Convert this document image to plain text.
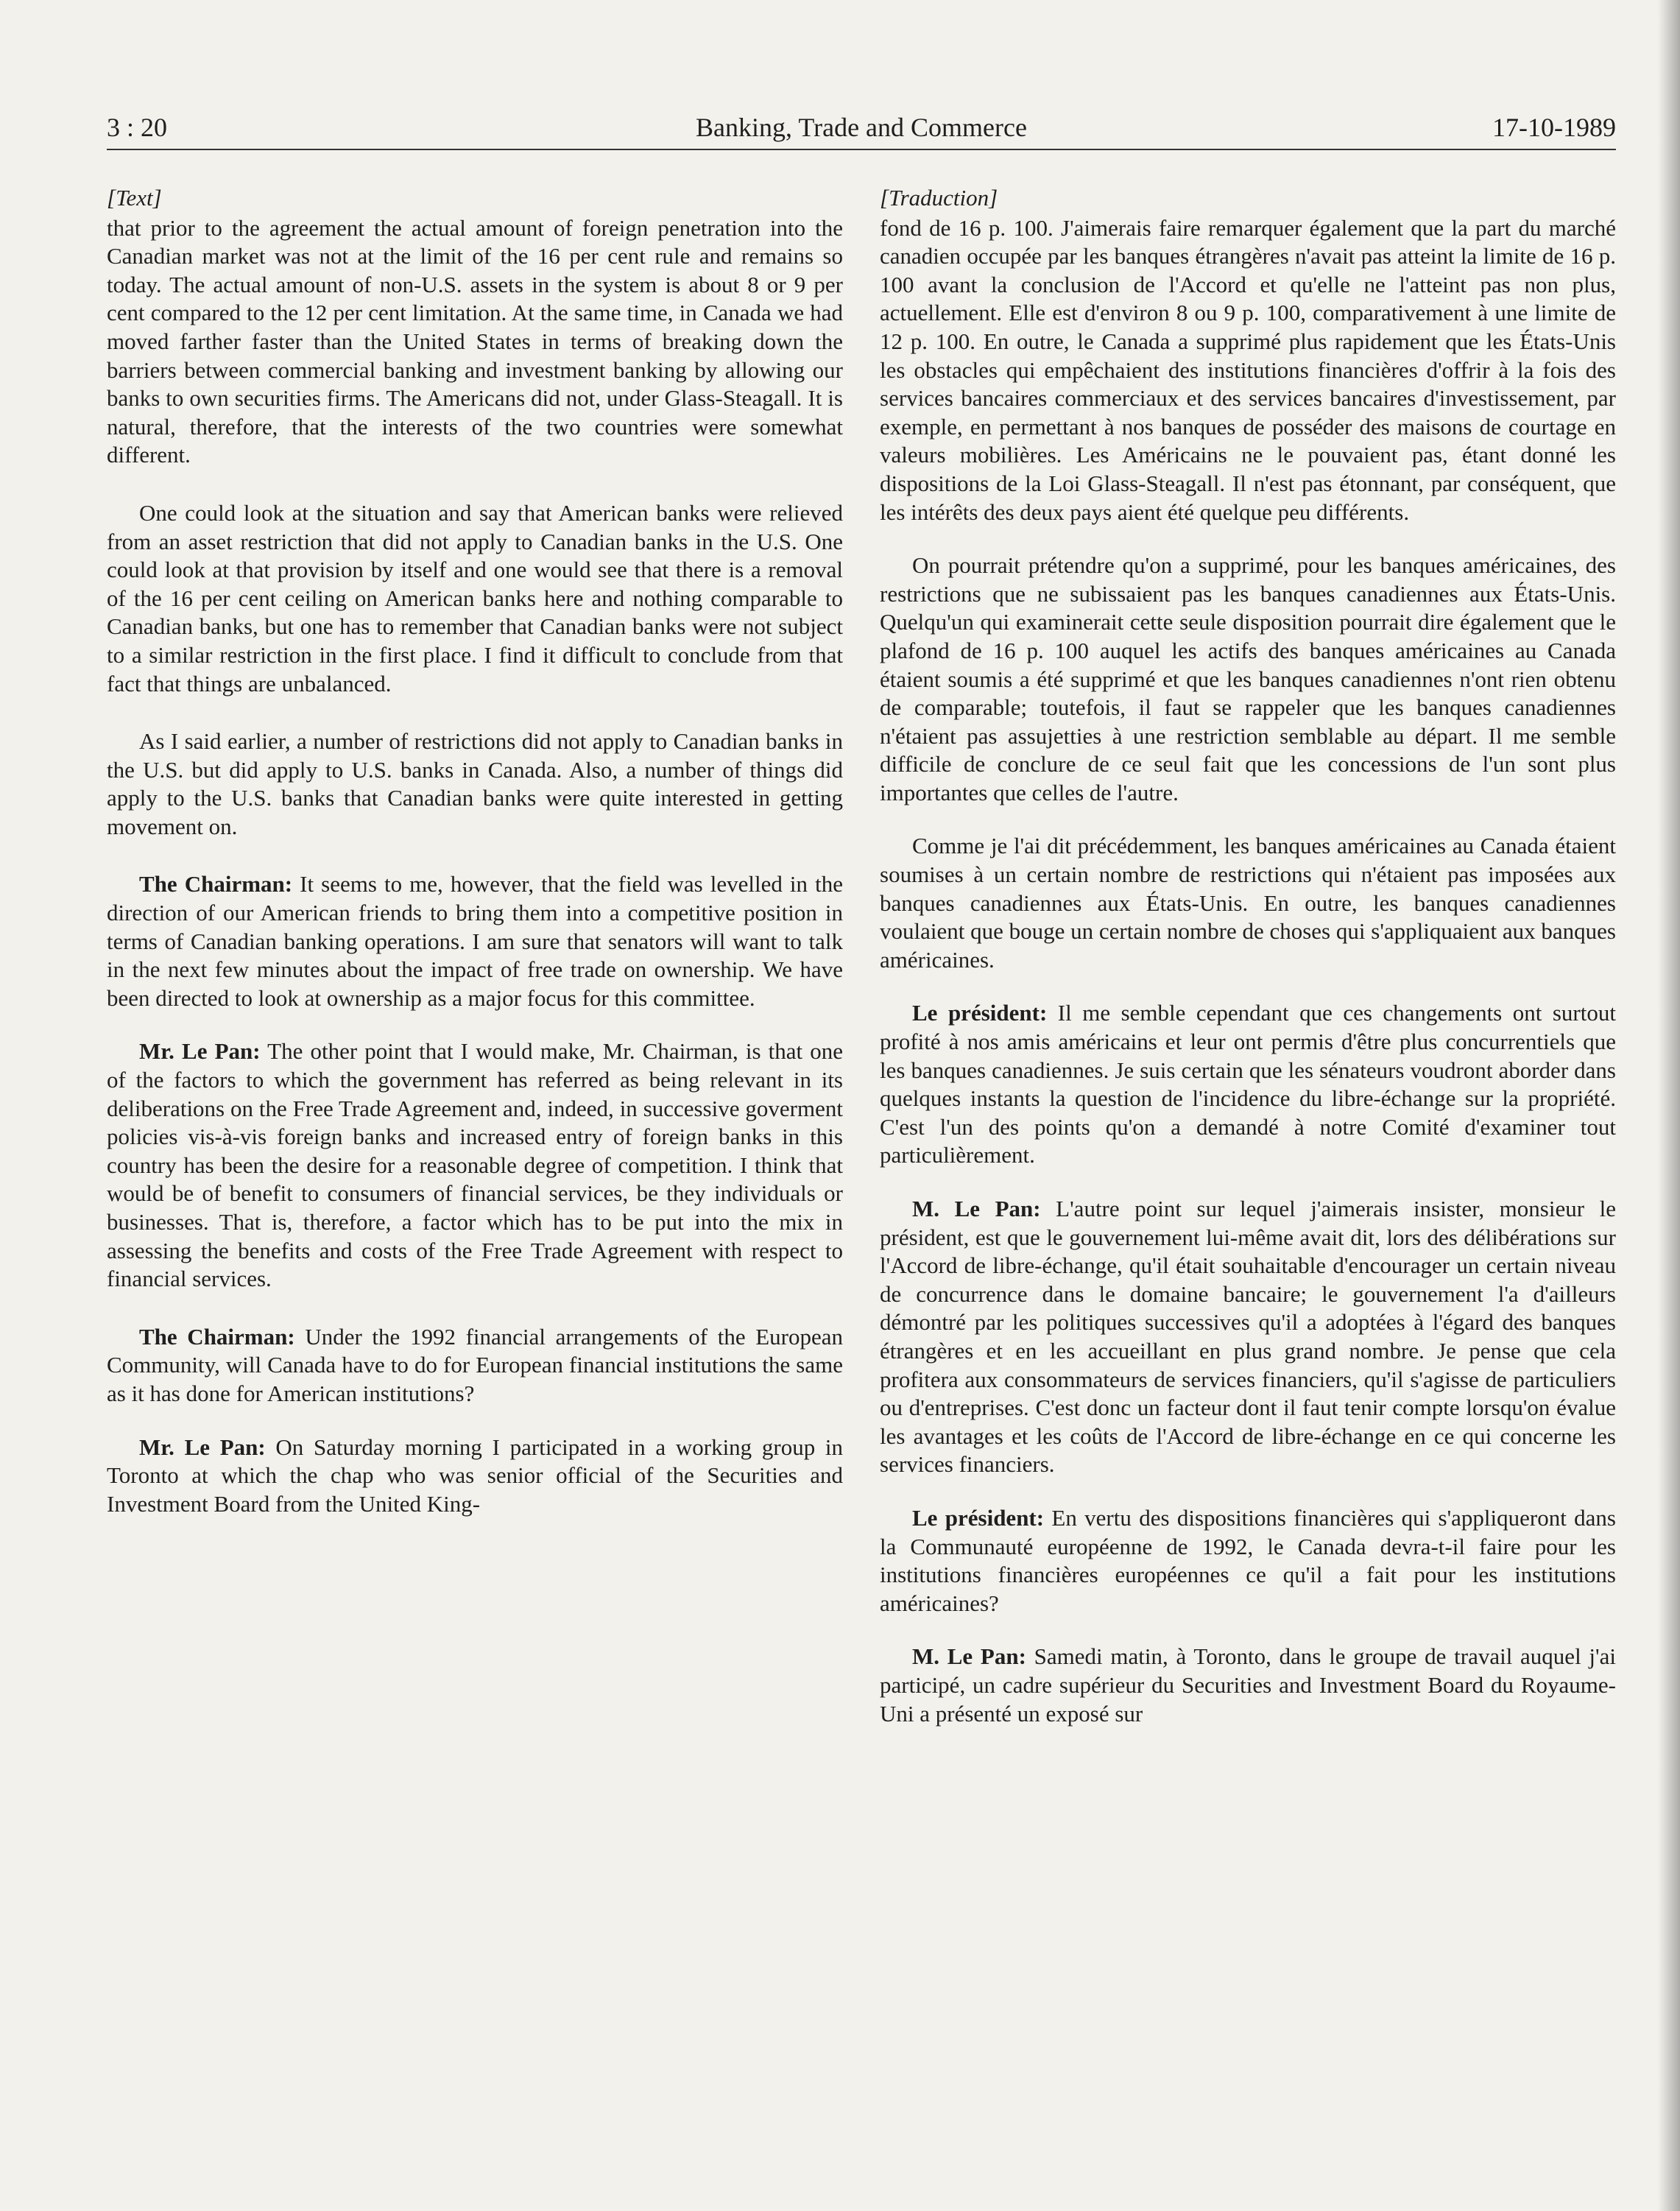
3 : 20	Banking, Trade and Commerce	17-10-1989
[Text]

that prior to the agreement the actual amount of foreign penetration into the Canadian market was not at the limit of the 16 per cent rule and remains so today. The actual amount of non-U.S. assets in the system is about 8 or 9 per cent compared to the 12 per cent limitation. At the same time, in Canada we had moved farther faster than the United States in terms of breaking down the barriers between commercial banking and investment banking by allowing our banks to own securities firms. The Americans did not, under Glass-Steagall. It is natural, therefore, that the interests of the two countries were somewhat different.

One could look at the situation and say that American banks were relieved from an asset restriction that did not apply to Canadian banks in the U.S. One could look at that provision by itself and one would see that there is a removal of the 16 per cent ceiling on American banks here and nothing comparable to Canadian banks, but one has to remember that Canadian banks were not subject to a similar restriction in the first place. I find it difficult to conclude from that fact that things are unbalanced.

As I said earlier, a number of restrictions did not apply to Canadian banks in the U.S. but did apply to U.S. banks in Canada. Also, a number of things did apply to the U.S. banks that Canadian banks were quite interested in getting movement on.

The Chairman: It seems to me, however, that the field was levelled in the direction of our American friends to bring them into a competitive position in terms of Canadian banking operations. I am sure that senators will want to talk in the next few minutes about the impact of free trade on ownership. We have been directed to look at ownership as a major focus for this committee.

Mr. Le Pan: The other point that I would make, Mr. Chairman, is that one of the factors to which the government has referred as being relevant in its deliberations on the Free Trade Agreement and, indeed, in successive goverment policies vis-à-vis foreign banks and increased entry of foreign banks in this country has been the desire for a reasonable degree of competition. I think that would be of benefit to consumers of financial services, be they individuals or businesses. That is, therefore, a factor which has to be put into the mix in assessing the benefits and costs of the Free Trade Agreement with respect to financial services.

The Chairman: Under the 1992 financial arrangements of the European Community, will Canada have to do for European financial institutions the same as it has done for American institutions?

Mr. Le Pan: On Saturday morning I participated in a working group in Toronto at which the chap who was senior official of the Securities and Investment Board from the United King-

[Traduction]

fond de 16 p. 100. J'aimerais faire remarquer également que la part du marché canadien occupée par les banques étrangères n'avait pas atteint la limite de 16 p. 100 avant la conclusion de l'Accord et qu'elle ne l'atteint pas non plus, actuellement. Elle est d'environ 8 ou 9 p. 100, comparativement à une limite de 12 p. 100. En outre, le Canada a supprimé plus rapidement que les États-Unis les obstacles qui empêchaient des institutions financières d'offrir à la fois des services bancaires commerciaux et des services bancaires d'investissement, par exemple, en permettant à nos banques de posséder des maisons de courtage en valeurs mobilières. Les Américains ne le pouvaient pas, étant donné les dispositions de la Loi Glass-Steagall. Il n'est pas étonnant, par conséquent, que les intérêts des deux pays aient été quelque peu différents.

On pourrait prétendre qu'on a supprimé, pour les banques américaines, des restrictions que ne subissaient pas les banques canadiennes aux États-Unis. Quelqu'un qui examinerait cette seule disposition pourrait dire également que le plafond de 16 p. 100 auquel les actifs des banques américaines au Canada étaient soumis a été supprimé et que les banques canadiennes n'ont rien obtenu de comparable; toutefois, il faut se rappeler que les banques canadiennes n'étaient pas assujetties à une restriction semblable au départ. Il me semble difficile de conclure de ce seul fait que les concessions de l'un sont plus importantes que celles de l'autre.

Comme je l'ai dit précédemment, les banques américaines au Canada étaient soumises à un certain nombre de restrictions qui n'étaient pas imposées aux banques canadiennes aux États-Unis. En outre, les banques canadiennes voulaient que bouge un certain nombre de choses qui s'appliquaient aux banques américaines.

Le président: Il me semble cependant que ces changements ont surtout profité à nos amis américains et leur ont permis d'être plus concurrentiels que les banques canadiennes. Je suis certain que les sénateurs voudront aborder dans quelques instants la question de l'incidence du libre-échange sur la propriété. C'est l'un des points qu'on a demandé à notre Comité d'examiner tout particulièrement.

M. Le Pan: L'autre point sur lequel j'aimerais insister, monsieur le président, est que le gouvernement lui-même avait dit, lors des délibérations sur l'Accord de libre-échange, qu'il était souhaitable d'encourager un certain niveau de concurrence dans le domaine bancaire; le gouvernement l'a d'ailleurs démontré par les politiques successives qu'il a adoptées à l'égard des banques étrangères et en les accueillant en plus grand nombre. Je pense que cela profitera aux consommateurs de services financiers, qu'il s'agisse de particuliers ou d'entreprises. C'est donc un facteur dont il faut tenir compte lorsqu'on évalue les avantages et les coûts de l'Accord de libre-échange en ce qui concerne les services financiers.

Le président: En vertu des dispositions financières qui s'appliqueront dans la Communauté européenne de 1992, le Canada devra-t-il faire pour les institutions financières européennes ce qu'il a fait pour les institutions américaines?

M. Le Pan: Samedi matin, à Toronto, dans le groupe de travail auquel j'ai participé, un cadre supérieur du Securities and Investment Board du Royaume-Uni a présenté un exposé sur
